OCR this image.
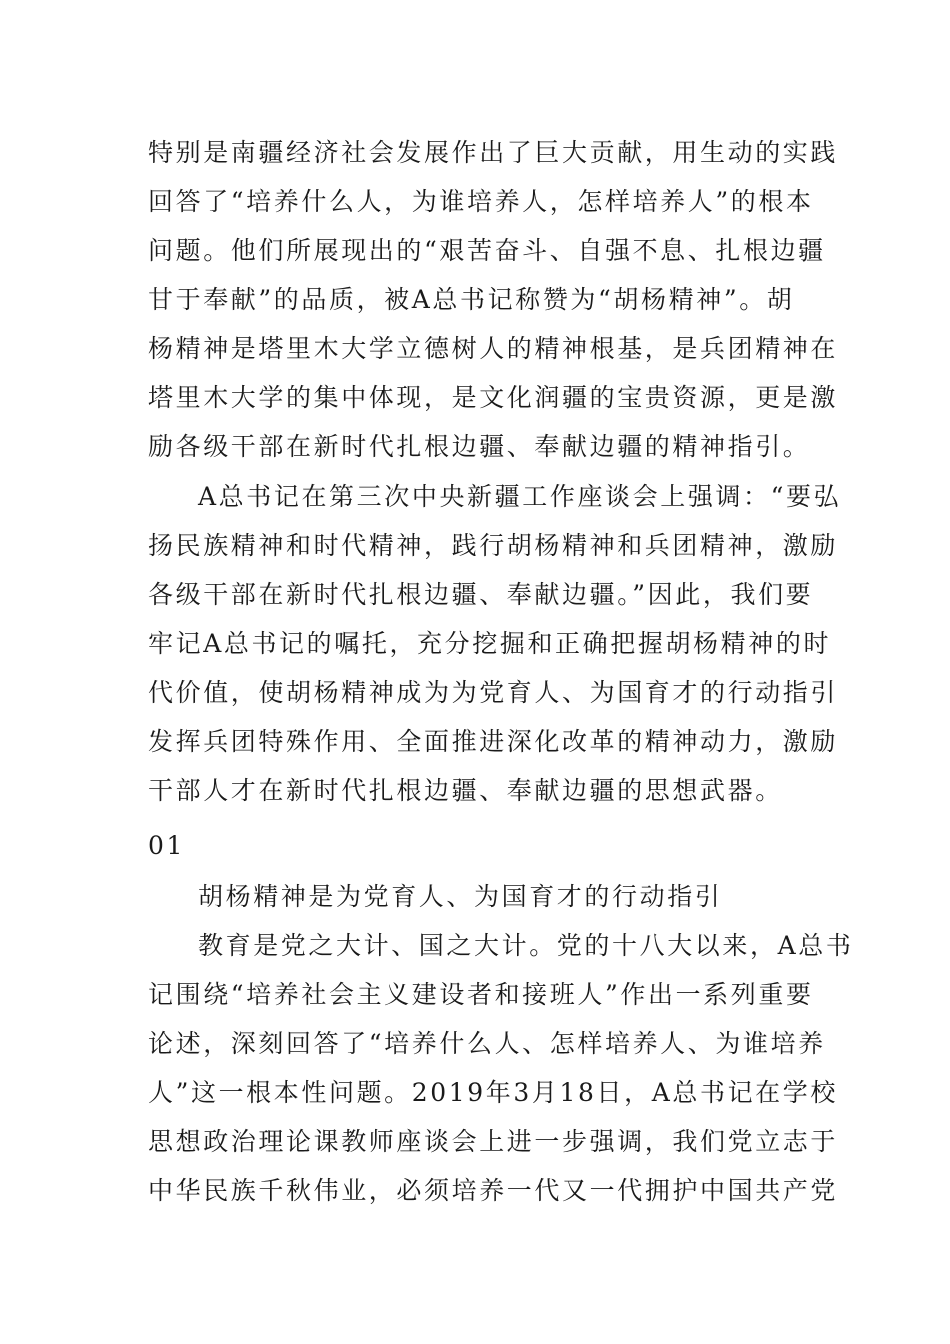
特别是南疆经济社会发展作出了巨大贡献，用生动的实践
回答了“培养什么人，为谁培养人，怎样培养人”的根本
问题。他们所展现出的“艰苦奋斗、自强不息、扎根边疆
甘于奉献”的品质，被A总书记称赞为“胡杨精神”。胡
杨精神是塔里木大学立德树人的精神根基，是兵团精神在
塔里木大学的集中体现，是文化润疆的宝贵资源，更是激
励各级干部在新时代扎根边疆、奉献边疆的精神指引。
A总书记在第三次中央新疆工作座谈会上强调：“要弘
扬民族精神和时代精神，践行胡杨精神和兵团精神，激励
各级干部在新时代扎根边疆、奉献边疆。”因此，我们要
牢记A总书记的嘱托，充分挖掘和正确把握胡杨精神的时
代价值，使胡杨精神成为为党育人、为国育才的行动指引
发挥兵团特殊作用、全面推进深化改革的精神动力，激励
干部人才在新时代扎根边疆、奉献边疆的思想武器。
01
胡杨精神是为党育人、为国育才的行动指引
教育是党之大计、国之大计。党的十八大以来，A总书
记围绕“培养社会主义建设者和接班人”作出一系列重要
论述，深刻回答了“培养什么人、怎样培养人、为谁培养
人”这一根本性问题。2019年3月18日，A总书记在学校
思想政治理论课教师座谈会上进一步强调，我们党立志于
中华民族千秋伟业，必须培养一代又一代拥护中国共产党
